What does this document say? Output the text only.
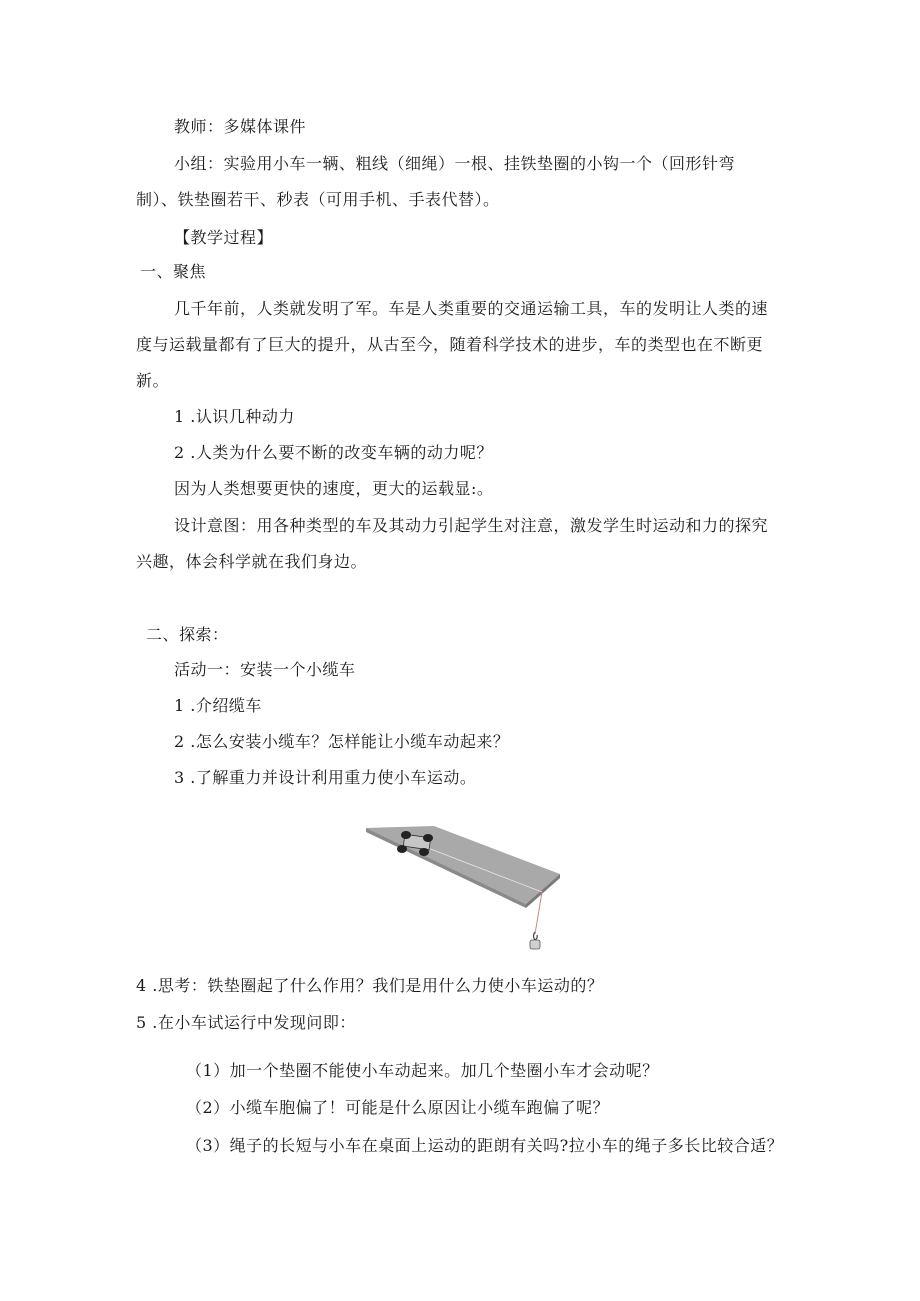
教师：多媒体课件
小组：实验用小车一辆、粗线（细绳）一根、挂铁垫圈的小钩一个（回形针弯
制）、铁垫圈若干、秒表（可用手机、手表代替）。
【教学过程】
一、聚焦
几千年前，人类就发明了军。车是人类重要的交通运输工具，车的发明让人类的速
度与运载量都有了巨大的提升，从古至今，随着科学技术的进步，车的类型也在不断更
新。
1 .认识几种动力
2 .人类为什么要不断的改变车辆的动力呢？
因为人类想要更快的速度，更大的运载显:。
设计意图：用各种类型的车及其动力引起学生对注意，激发学生时运动和力的探究
兴趣，体会科学就在我们身边。
二、探索：
活动一：安装一个小缆车
1 .介绍缆车
2 .怎么安装小缆车？怎样能让小缆车动起来？
3 .了解重力并设计利用重力使小车运动。
4 .思考：铁垫圈起了什么作用？我们是用什么力使小车运动的？
5 .在小车试运行中发现问即：
（1）加一个垫圈不能使小车动起来。加几个垫圈小车才会动呢？
（2）小缆车胞偏了！可能是什么原因让小缆车跑偏了呢？
（3）绳子的长短与小车在桌面上运动的距朗有关吗?拉小车的绳子多长比较合适？
